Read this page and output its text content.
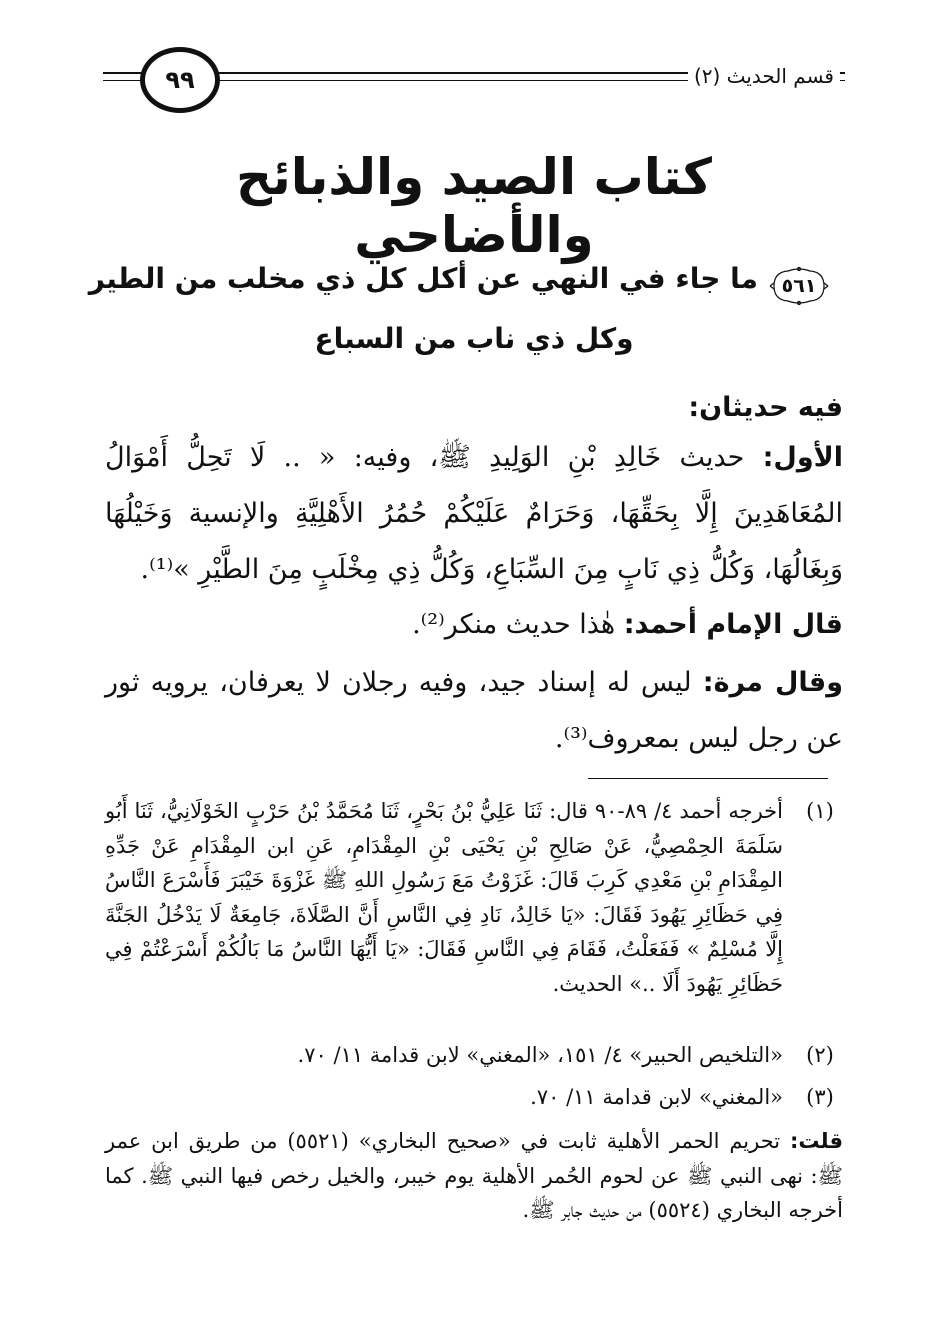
٩٩	قسم الحديث (٢)
كتاب الصيد والذبائح والأضاحي
٥٦١
ما جاء في النهي عن أكل كل ذي مخلب من الطير
وكل ذي ناب من السباع
فيه حديثان:
الأول: حديث خَالِدِ بْنِ الوَلِيدِ ﷺ، وفيه: « .. لَا تَحِلُّ أَمْوَالُ المُعَاهَدِينَ إِلَّا بِحَقِّهَا، وَحَرَامٌ عَلَيْكُمْ حُمُرُ الأَهْلِيَّةِ والإنسية وَخَيْلُهَا وَبِغَالُهَا، وَكُلُّ ذِي نَابٍ مِنَ السِّبَاعِ، وَكُلُّ ذِي مِخْلَبٍ مِنَ الطَّيْرِ »⁽¹⁾.
قال الإمام أحمد: هٰذا حديث منكر⁽²⁾.
وقال مرة: ليس له إسناد جيد، وفيه رجلان لا يعرفان، يرويه ثور عن رجل ليس بمعروف⁽³⁾.
(١)
أخرجه أحمد ٤/ ٨٩-٩٠ قال: ثَنَا عَلِيُّ بْنُ بَحْرٍ، ثَنَا مُحَمَّدُ بْنُ حَرْبٍ الخَوْلَانِيُّ، ثَنَا أَبُو سَلَمَةَ الحِمْصِيُّ، عَنْ صَالِحِ بْنِ يَحْيَى بْنِ المِقْدَامِ، عَنِ ابن المِقْدَامِ عَنْ جَدِّهِ المِقْدَامِ بْنِ مَعْدِي كَرِبَ قَالَ: غَزَوْتُ مَعَ رَسُولِ اللهِ ﷺ غَزْوَةَ خَيْبَرَ فَأَسْرَعَ النَّاسُ فِي حَظَائِرِ يَهُودَ فَقَالَ: «يَا خَالِدُ، نَادِ فِي النَّاسِ أَنَّ الصَّلَاةَ، جَامِعَةٌ لَا يَدْخُلُ الجَنَّةَ إِلَّا مُسْلِمٌ » فَفَعَلْتُ، فَقَامَ فِي النَّاسِ فَقَالَ: «يَا أَيُّهَا النَّاسُ مَا بَالُكُمْ أَسْرَعْتُمْ فِي حَظَائِرِ يَهُودَ أَلَا ..» الحديث.
(٢)
«التلخيص الحبير» ٤/ ١٥١، «المغني» لابن قدامة ١١/ ٧٠.
(٣)
«المغني» لابن قدامة ١١/ ٧٠.
قلت: تحريم الحمر الأهلية ثابت في «صحيح البخاري» (٥٥٢١) من طريق ابن عمر ﷺ: نهى النبي ﷺ عن لحوم الحُمر الأهلية يوم خيبر، والخيل رخص فيها النبي ﷺ. كما أخرجه البخاري (٥٥٢٤) من حديث جابر ﷺ.
